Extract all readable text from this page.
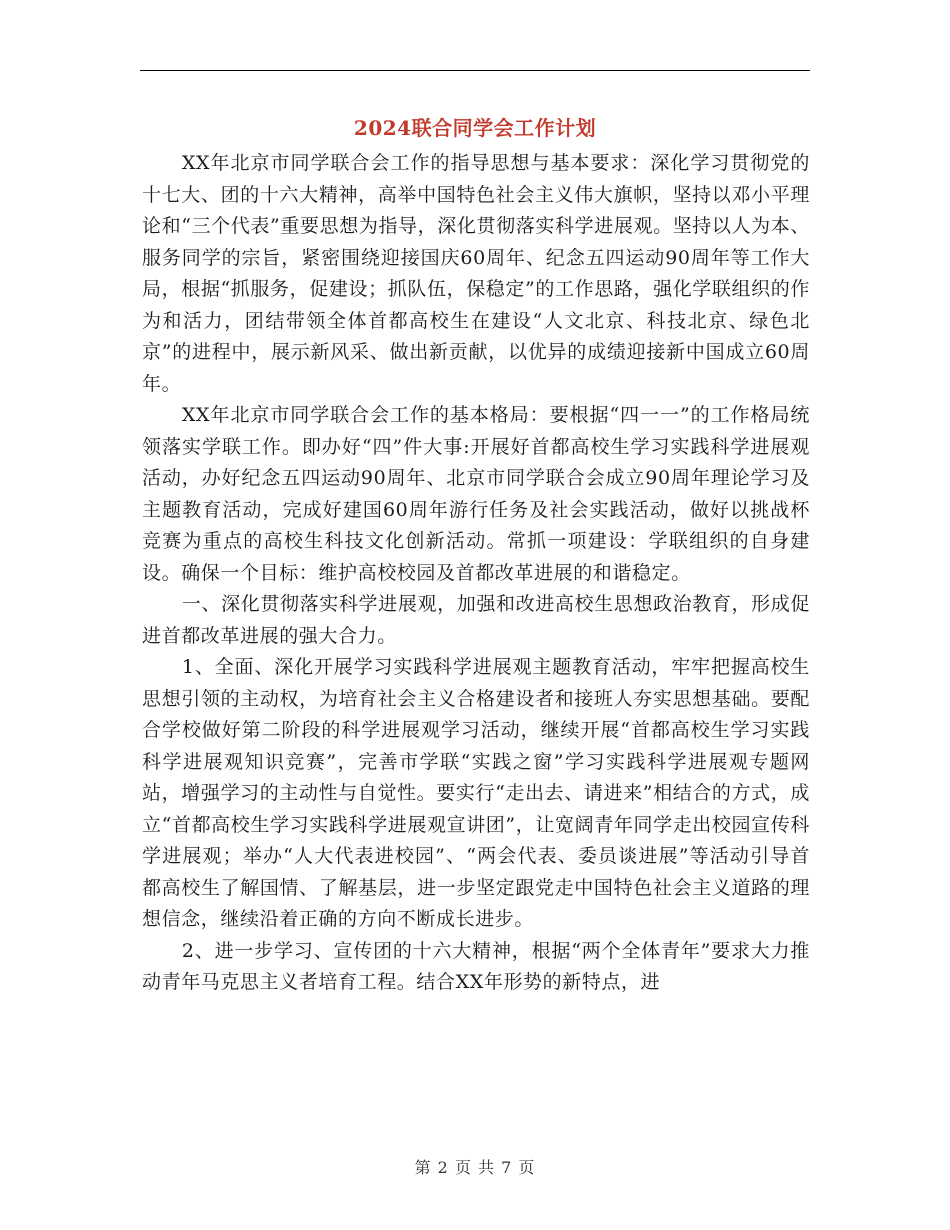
2024联合同学会工作计划

XX年北京市同学联合会工作的指导思想与基本要求：深化学习贯彻党的十七大、团的十六大精神，高举中国特色社会主义伟大旗帜，坚持以邓小平理论和“三个代表”重要思想为指导，深化贯彻落实科学进展观。坚持以人为本、服务同学的宗旨，紧密围绕迎接国庆60周年、纪念五四运动90周年等工作大局，根据“抓服务，促建设；抓队伍，保稳定”的工作思路，强化学联组织的作为和活力，团结带领全体首都高校生在建设“人文北京、科技北京、绿色北京”的进程中，展示新风采、做出新贡献，以优异的成绩迎接新中国成立60周年。

XX年北京市同学联合会工作的基本格局：要根据“四一一”的工作格局统领落实学联工作。即办好“四”件大事:开展好首都高校生学习实践科学进展观活动，办好纪念五四运动90周年、北京市同学联合会成立90周年理论学习及主题教育活动，完成好建国60周年游行任务及社会实践活动，做好以挑战杯竞赛为重点的高校生科技文化创新活动。常抓一项建设：学联组织的自身建设。确保一个目标：维护高校校园及首都改革进展的和谐稳定。

一、深化贯彻落实科学进展观，加强和改进高校生思想政治教育，形成促进首都改革进展的强大合力。

1、全面、深化开展学习实践科学进展观主题教育活动，牢牢把握高校生思想引领的主动权，为培育社会主义合格建设者和接班人夯实思想基础。要配合学校做好第二阶段的科学进展观学习活动，继续开展“首都高校生学习实践科学进展观知识竞赛”，完善市学联“实践之窗”学习实践科学进展观专题网站，增强学习的主动性与自觉性。要实行“走出去、请进来”相结合的方式，成立“首都高校生学习实践科学进展观宣讲团”，让宽阔青年同学走出校园宣传科学进展观；举办“人大代表进校园”、“两会代表、委员谈进展”等活动引导首都高校生了解国情、了解基层，进一步坚定跟党走中国特色社会主义道路的理想信念，继续沿着正确的方向不断成长进步。

2、进一步学习、宣传团的十六大精神，根据“两个全体青年”要求大力推动青年马克思主义者培育工程。结合XX年形势的新特点，进

第 2 页 共 7 页
